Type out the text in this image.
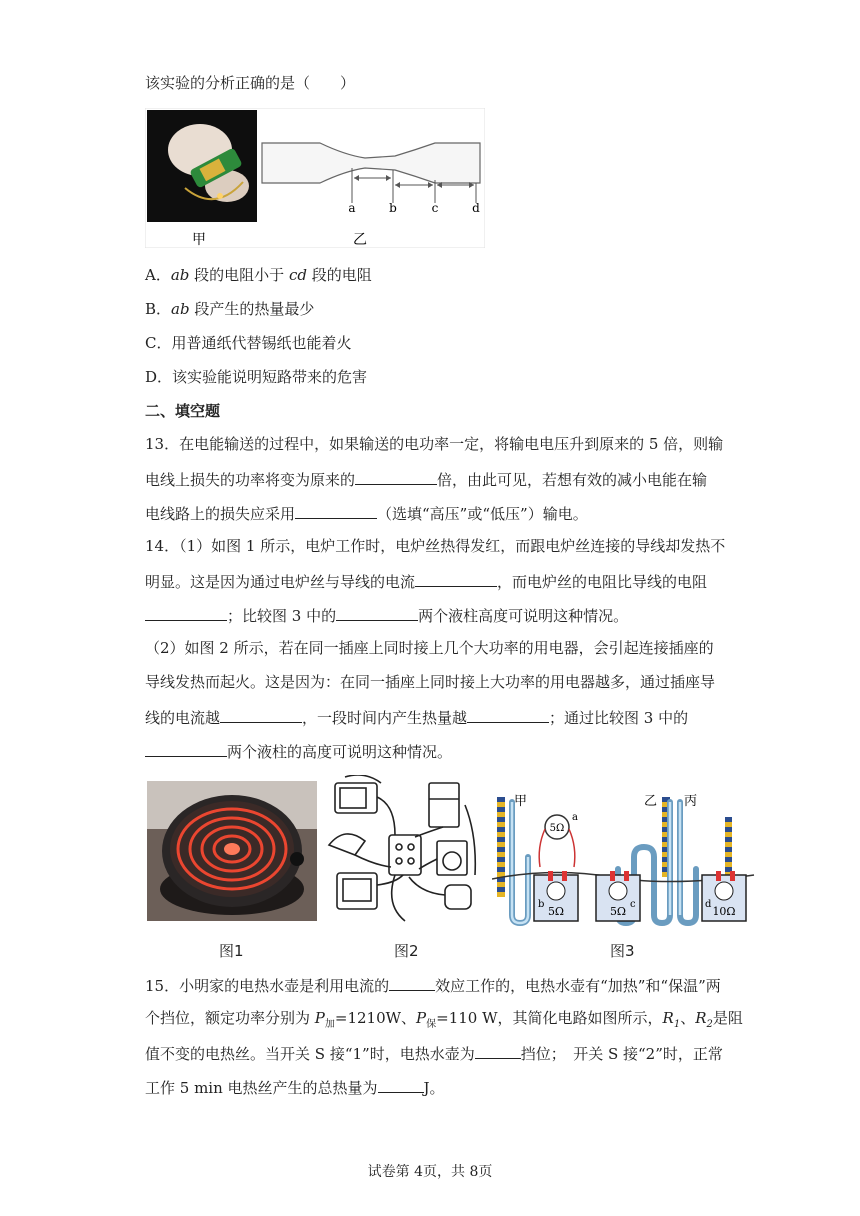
该实验的分析正确的是（　　）
甲
a	b	c	d
乙
A．ab 段的电阻小于 cd 段的电阻
B．ab 段产生的热量最少
C．用普通纸代替锡纸也能着火
D．该实验能说明短路带来的危害
二、填空题
13．在电能输送的过程中，如果输送的电功率一定，将输电电压升到原来的 5 倍，则输
电线上损失的功率将变为原来的	倍，由此可见，若想有效的减小电能在输
电线路上的损失应采用	（选填“高压”或“低压”）输电。
14．（1）如图 1 所示，电炉工作时，电炉丝热得发红，而跟电炉丝连接的导线却发热不
明显。这是因为通过电炉丝与导线的电流	，而电炉丝的电阻比导线的电阻
；比较图 3 中的	两个液柱高度可说明这种情况。
（2）如图 2 所示，若在同一插座上同时接上几个大功率的用电器，会引起连接插座的
导线发热而起火。这是因为：在同一插座上同时接上大功率的用电器越多，通过插座导
线的电流越	，一段时间内产生热量越	；通过比较图 3 中的
两个液柱的高度可说明这种情况。
图1	图2
5Ω
a
5Ω	5Ω	10Ω
b	c	d
甲	乙 丙
图3
15．小明家的电热水壶是利用电流的	效应工作的，电热水壶有“加热”和“保温”两
个挡位，额定功率分别为 $P_加=1210W$、$P_保=110$ W，其简化电路如图所示，$R_1$、$R_2$是阻
值不变的电热丝。当开关 S 接“1”时，电热水壶为	挡位；　开关 S 接“2”时，正常
工作 5 min 电热丝产生的总热量为	J。
试卷第 4页，共 8页
